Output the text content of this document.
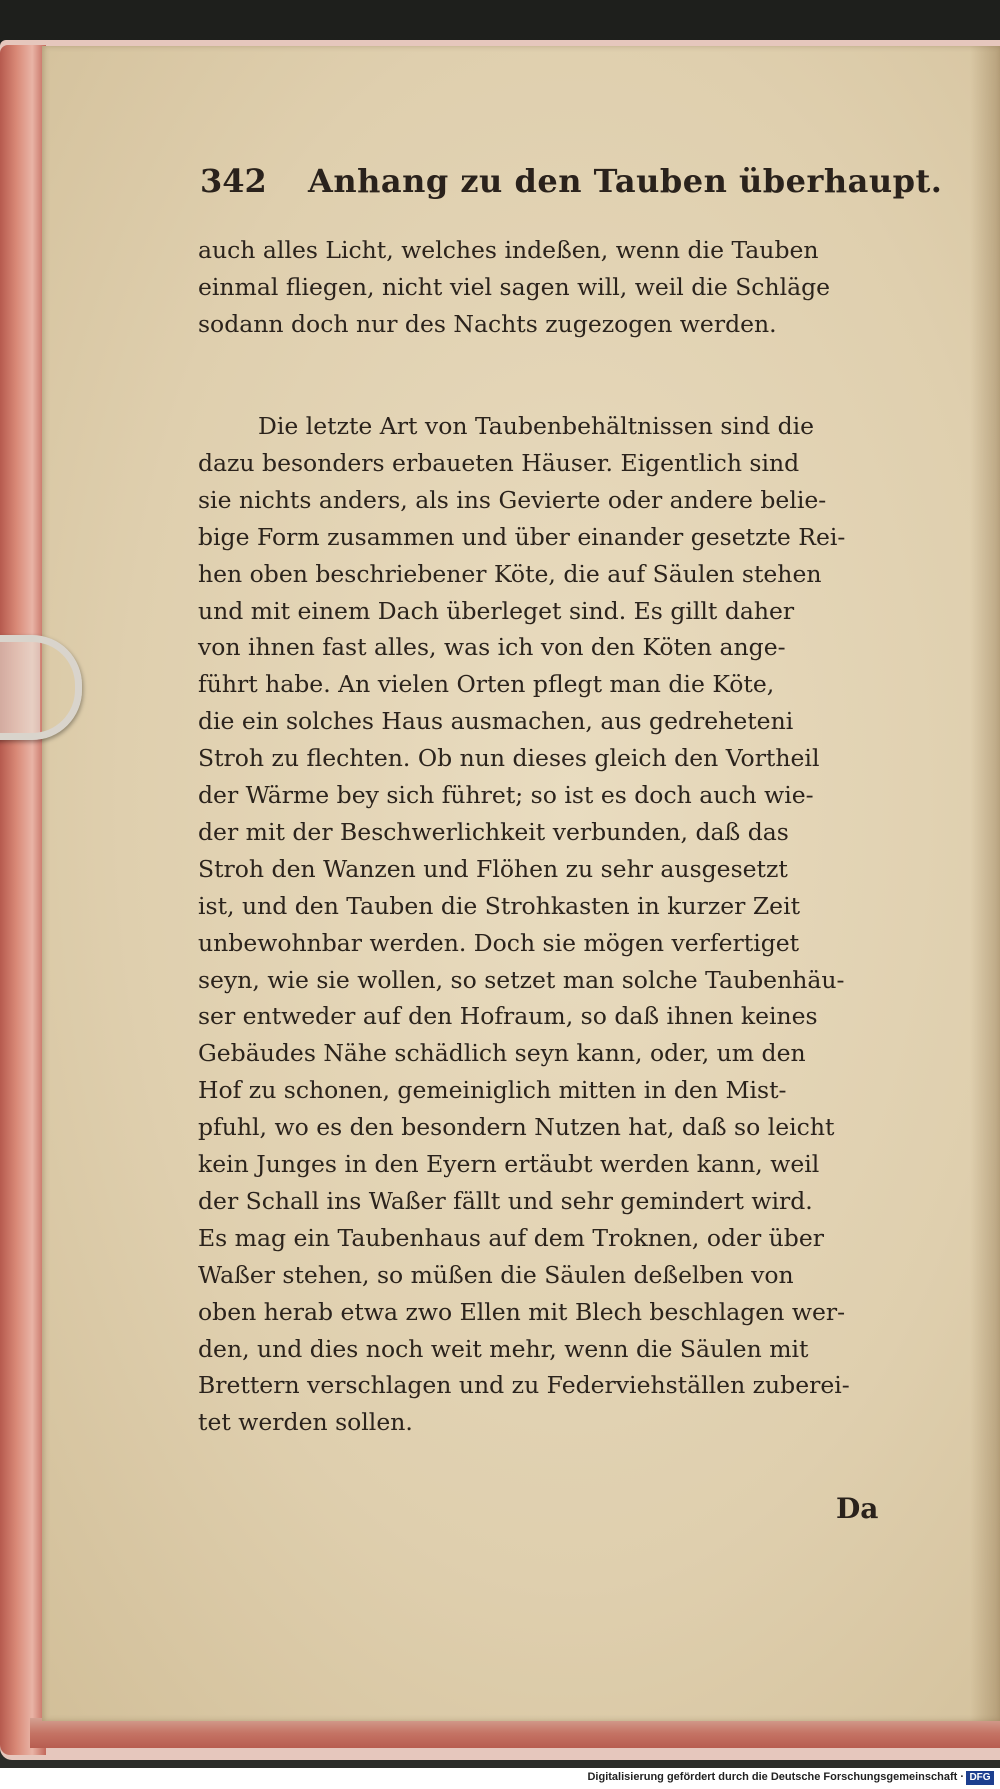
342 Anhang zu den Tauben überhaupt.
auch alles Licht, welches indeßen, wenn die Tauben
einmal fliegen, nicht viel sagen will, weil die Schläge
sodann doch nur des Nachts zugezogen werden.
Die letzte Art von Taubenbehältnissen sind die
dazu besonders erbaueten Häuser. Eigentlich sind
sie nichts anders, als ins Gevierte oder andere belie-
bige Form zusammen und über einander gesetzte Rei-
hen oben beschriebener Köte, die auf Säulen stehen
und mit einem Dach überleget sind. Es gillt daher
von ihnen fast alles, was ich von den Köten ange-
führt habe. An vielen Orten pflegt man die Köte,
die ein solches Haus ausmachen, aus gedreheteni
Stroh zu flechten. Ob nun dieses gleich den Vortheil
der Wärme bey sich führet; so ist es doch auch wie-
der mit der Beschwerlichkeit verbunden, daß das
Stroh den Wanzen und Flöhen zu sehr ausgesetzt
ist, und den Tauben die Strohkasten in kurzer Zeit
unbewohnbar werden. Doch sie mögen verfertiget
seyn, wie sie wollen, so setzet man solche Taubenhäu-
ser entweder auf den Hofraum, so daß ihnen keines
Gebäudes Nähe schädlich seyn kann, oder, um den
Hof zu schonen, gemeiniglich mitten in den Mist-
pfuhl, wo es den besondern Nutzen hat, daß so leicht
kein Junges in den Eyern ertäubt werden kann, weil
der Schall ins Waßer fällt und sehr gemindert wird.
Es mag ein Taubenhaus auf dem Troknen, oder über
Waßer stehen, so müßen die Säulen deßelben von
oben herab etwa zwo Ellen mit Blech beschlagen wer-
den, und dies noch weit mehr, wenn die Säulen mit
Brettern verschlagen und zu Federviehställen zuberei-
tet werden sollen.
Da
Digitalisierung gefördert durch die Deutsche Forschungsgemeinschaft · DFG
